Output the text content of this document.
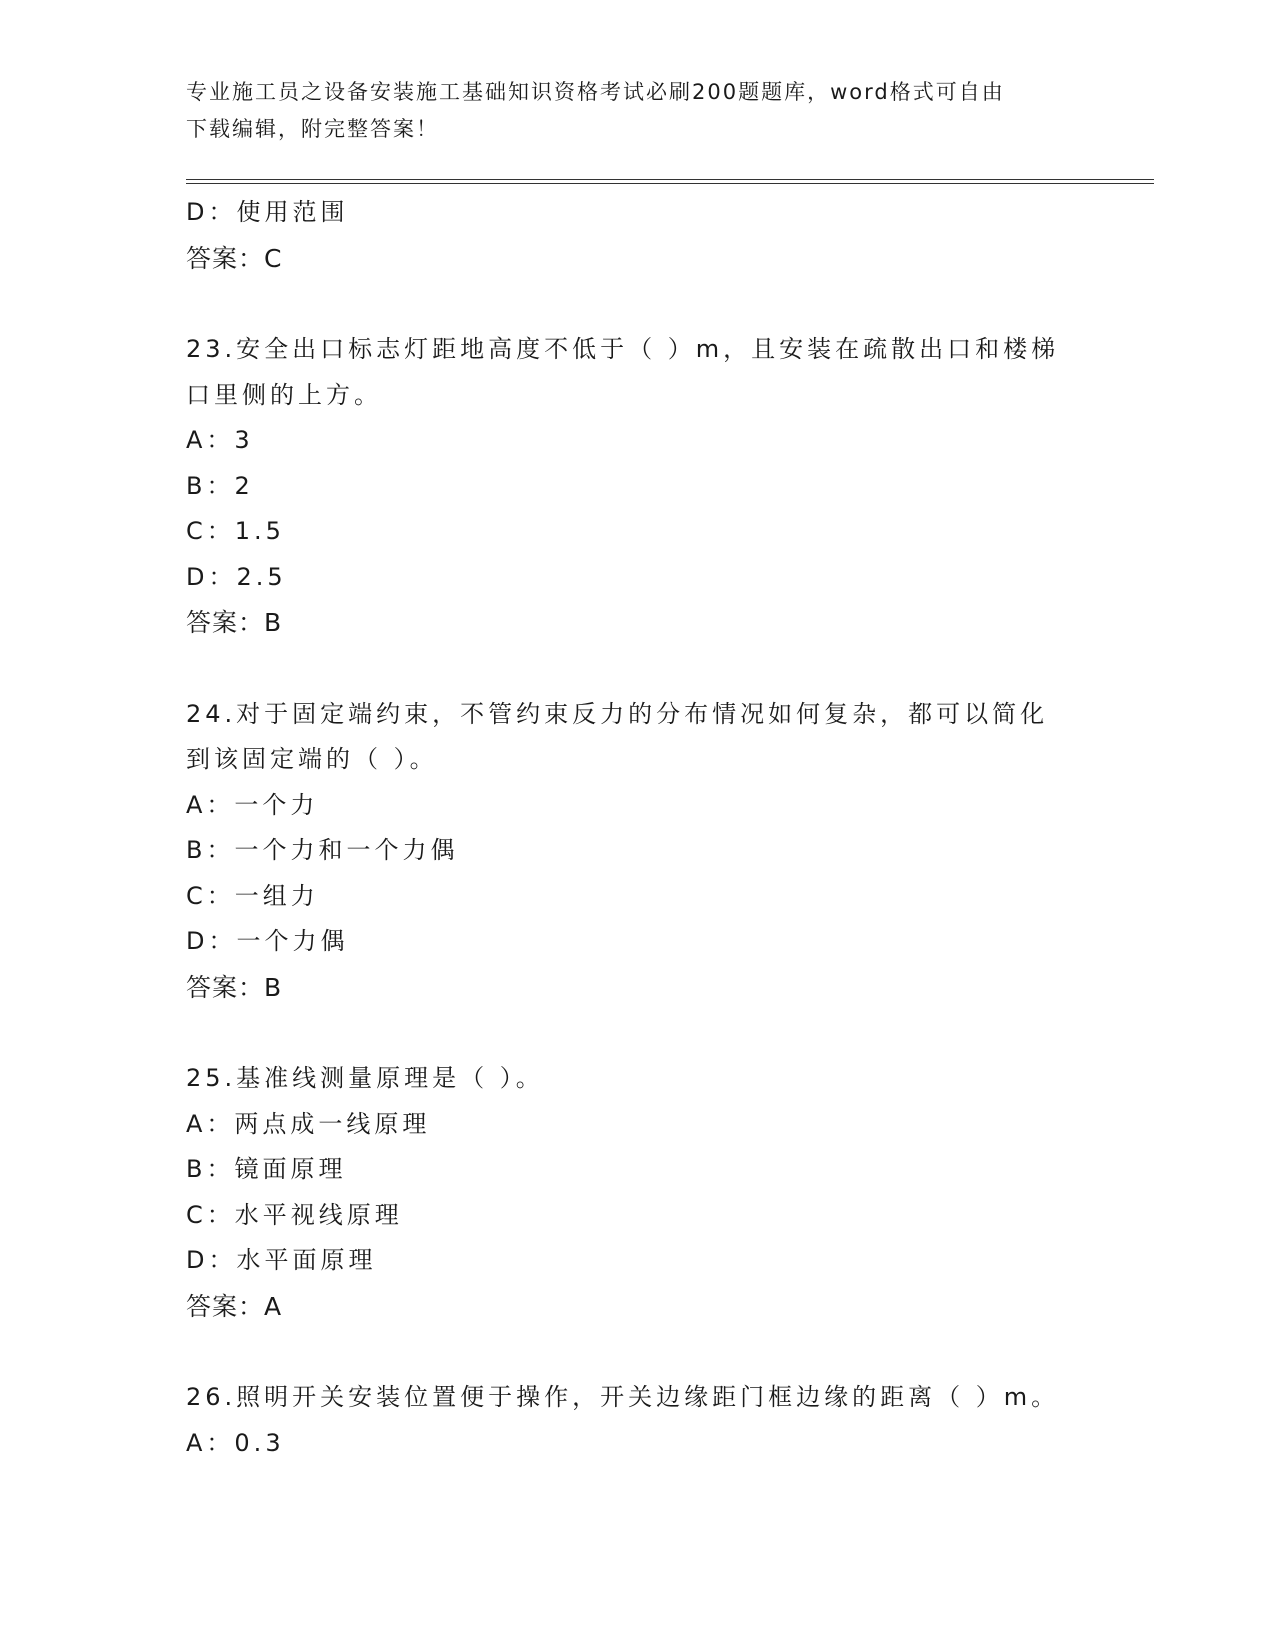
专业施工员之设备安装施工基础知识资格考试必刷200题题库，word格式可自由
下载编辑，附完整答案！
D：使用范围
答案：C
23.安全出口标志灯距地高度不低于（ ）m，且安装在疏散出口和楼梯
口里侧的上方。
A：3
B：2
C：1.5
D：2.5
答案：B
24.对于固定端约束，不管约束反力的分布情况如何复杂，都可以简化
到该固定端的（ ）。
A：一个力
B：一个力和一个力偶
C：一组力
D：一个力偶
答案：B
25.基准线测量原理是（ ）。
A：两点成一线原理
B：镜面原理
C：水平视线原理
D：水平面原理
答案：A
26.照明开关安装位置便于操作，开关边缘距门框边缘的距离（ ）m。
A：0.3
